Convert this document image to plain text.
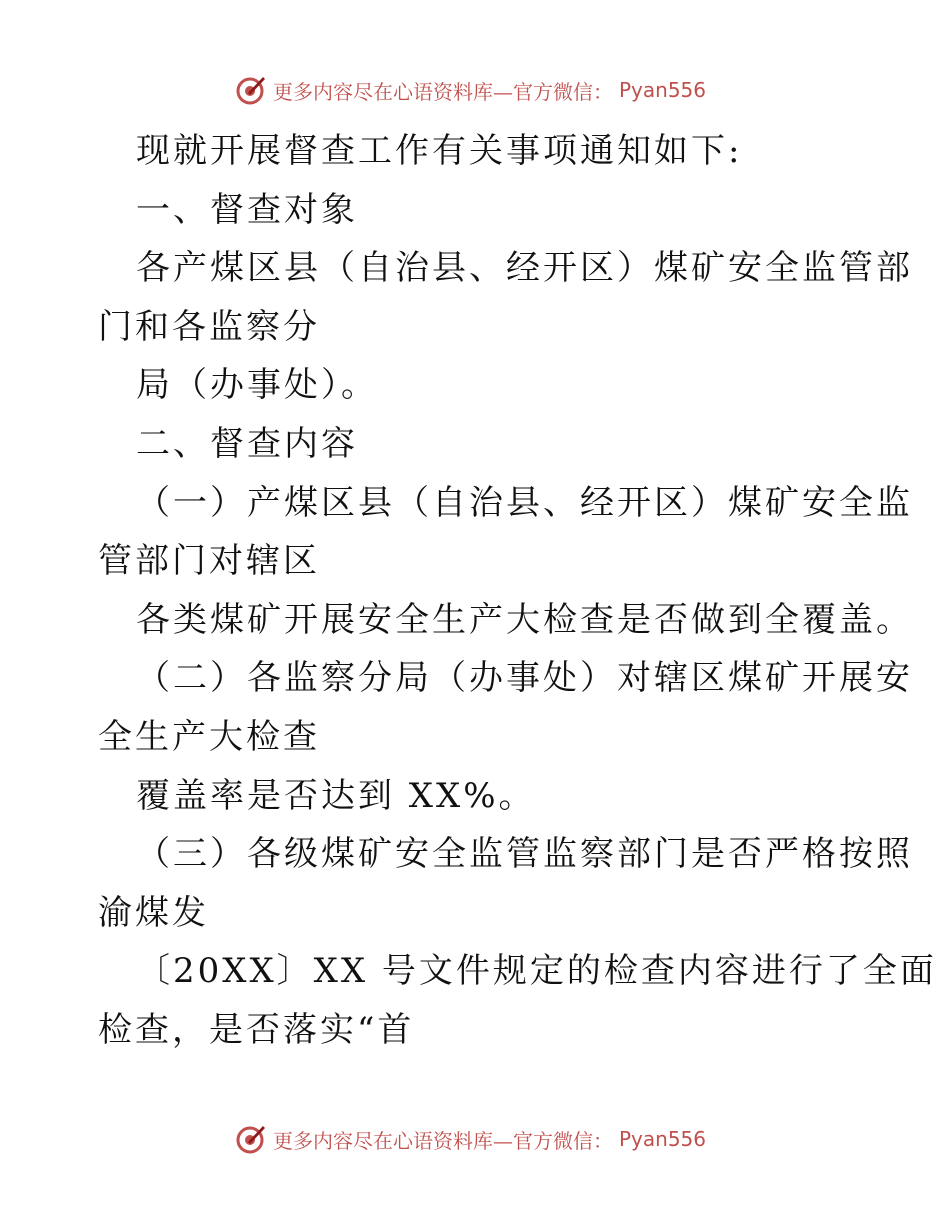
更多内容尽在心语资料库—官方微信： Pyan556
现就开展督查工作有关事项通知如下:
一、督查对象
各产煤区县（自治县、经开区）煤矿安全监管部
门和各监察分
局（办事处）。
二、督查内容
（一）产煤区县（自治县、经开区）煤矿安全监
管部门对辖区
各类煤矿开展安全生产大检查是否做到全覆盖。
（二）各监察分局（办事处）对辖区煤矿开展安
全生产大检查
覆盖率是否达到 XX%。
（三）各级煤矿安全监管监察部门是否严格按照
渝煤发
〔20XX〕XX 号文件规定的检查内容进行了全面
检查，是否落实“首
更多内容尽在心语资料库—官方微信： Pyan556
